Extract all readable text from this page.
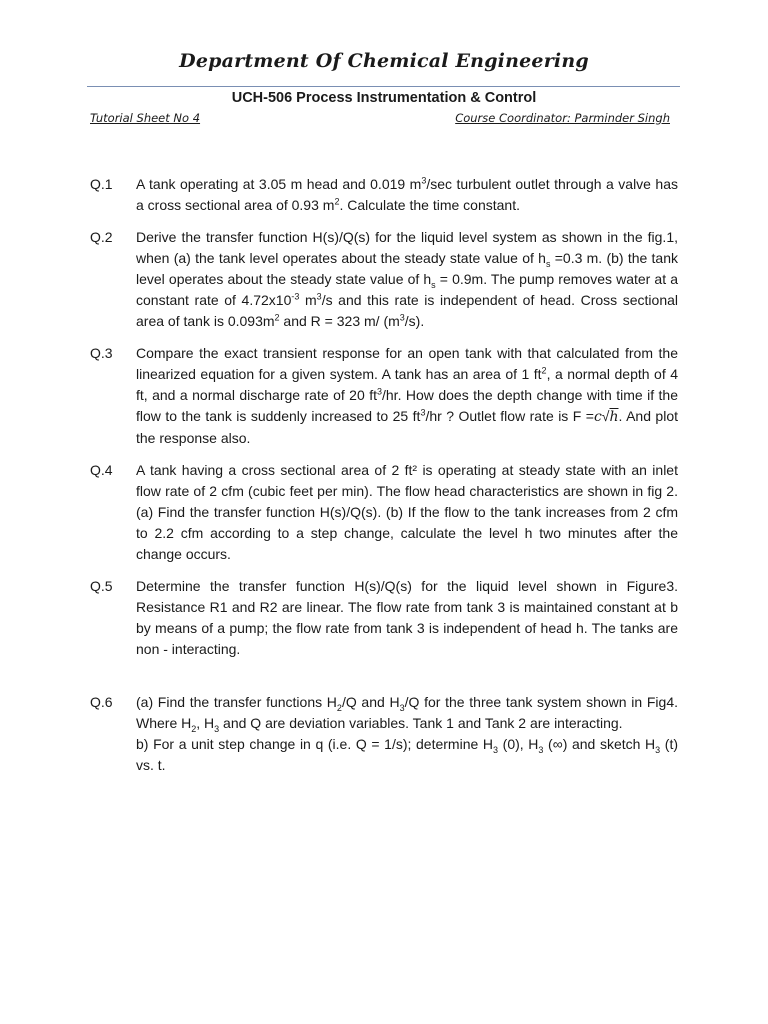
Department Of Chemical Engineering
UCH-506 Process Instrumentation & Control
Tutorial Sheet No 4	Course Coordinator: Parminder Singh
Q.1	A tank operating at 3.05 m head and 0.019 $m^3/\sec$ turbulent outlet through a valve has a cross sectional area of 0.93 $m^2$. Calculate the time constant.
Q.2	Derive the transfer function H(s)/Q(s) for the liquid level system as shown in the fig.1, when (a) the tank level operates about the steady state value of $h_s =0.3$ m. (b) the tank level operates about the steady state value of $h_s = 0.9m$. The pump removes water at a constant rate of $4.72x10^{-3}$ $m^3/s$ and this rate is independent of head. Cross sectional area of tank is $0.093m^2$ and R = 323 m/ $(m^3/s)$.
Q.3	Compare the exact transient response for an open tank with that calculated from the linearized equation for a given system. A tank has an area of 1 $ft^2$, a normal depth of 4 ft, and a normal discharge rate of 20 $ft^3/hr$. How does the depth change with time if the flow to the tank is suddenly increased to 25 $ft^3/hr$ ? Outlet flow rate is F =c√h. And plot the response also.
Q.4	A tank having a cross sectional area of 2 ft² is operating at steady state with an inlet flow rate of 2 cfm (cubic feet per min). The flow head characteristics are shown in fig 2. (a) Find the transfer function H(s)/Q(s). (b) If the flow to the tank increases from 2 cfm to 2.2 cfm according to a step change, calculate the level h two minutes after the change occurs.
Q.5	Determine the transfer function H(s)/Q(s) for the liquid level shown in Figure3. Resistance R1 and R2 are linear. The flow rate from tank 3 is maintained constant at b by means of a pump; the flow rate from tank 3 is independent of head h. The tanks are non - interacting.
Q.6	(a) Find the transfer functions $H_2/Q$ and $H_3/Q$ for the three tank system shown in Fig4. Where $H_2$, $H_3$ and Q are deviation variables. Tank 1 and Tank 2 are interacting.

b) For a unit step change in q (i.e. Q = 1/s); determine $H_3$ (0), $H_3$ (∞) and sketch $H_3$ (t) vs. t.
